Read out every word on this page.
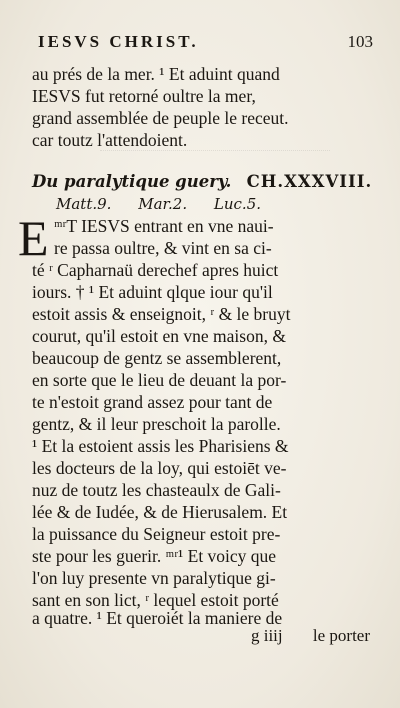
IESVS CHRIST.	103
au prés de la mer. ¹ Et aduint quand
IESVS fut retorné oultre la mer,
grand assemblée de peuple le receut.
car toutz l'attendoient.
Du paralytique guery. CH.XXXVIII.
Matt.9. Mar.2. Luc.5.
E ᵐʳT IESVS entrant en vne naui-
re passa oultre, & vint en sa ci-
té ʳ Capharnaü derechef apres huict
iours. † ¹ Et aduint qlque iour qu'il
estoit assis & enseignoit, ʳ & le bruyt
courut, qu'il estoit en vne maison, &
beaucoup de gentz se assemblerent,
en sorte que le lieu de deuant la por-
te n'estoit grand assez pour tant de
gentz, & il leur preschoit la parolle.
¹ Et la estoient assis les Pharisiens &
les docteurs de la loy, qui estoiēt ve-
nuz de toutz les chasteaulx de Gali-
lée & de Iudée, & de Hierusalem. Et
la puissance du Seigneur estoit pre-
ste pour les guerir. ᵐʳ¹ Et voicy que
l'on luy presente vn paralytique gi-
sant en son lict, ʳ lequel estoit porté
a quatre. ¹ Et queroiét la maniere de
g iiij le porter
